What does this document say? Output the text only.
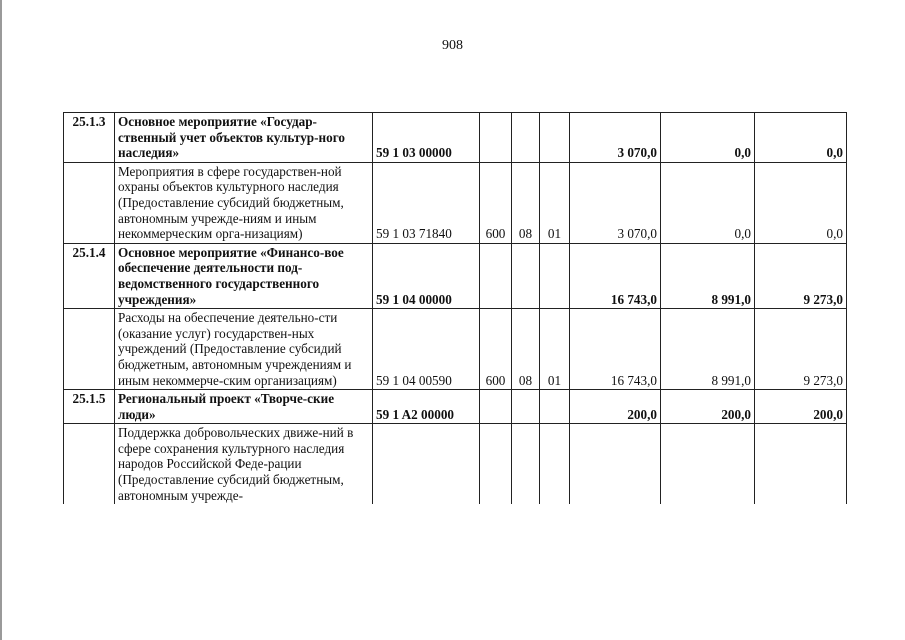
908
25.1.3	Основное мероприятие «Государ-ственный учет объектов культур-ного наследия»	59 1 03 00000				3 070,0	0,0	0,0
	Мероприятия в сфере государствен-ной охраны объектов культурного наследия (Предоставление субсидий бюджетным, автономным учрежде-ниям и иным некоммерческим орга-низациям)	59 1 03 71840	600	08	01	3 070,0	0,0	0,0
25.1.4	Основное мероприятие «Финансо-вое обеспечение деятельности под-ведомственного государственного учреждения»	59 1 04 00000				16 743,0	8 991,0	9 273,0
	Расходы на обеспечение деятельно-сти (оказание услуг) государствен-ных учреждений (Предоставление субсидий бюджетным, автономным учреждениям и иным некоммерче-ским организациям)	59 1 04 00590	600	08	01	16 743,0	8 991,0	9 273,0
25.1.5	Региональный проект «Творче-ские люди»	59 1 A2 00000				200,0	200,0	200,0
	Поддержка добровольческих движе-ний в сфере сохранения культурного наследия народов Российской Феде-рации (Предоставление субсидий бюджетным, автономным учрежде-							
